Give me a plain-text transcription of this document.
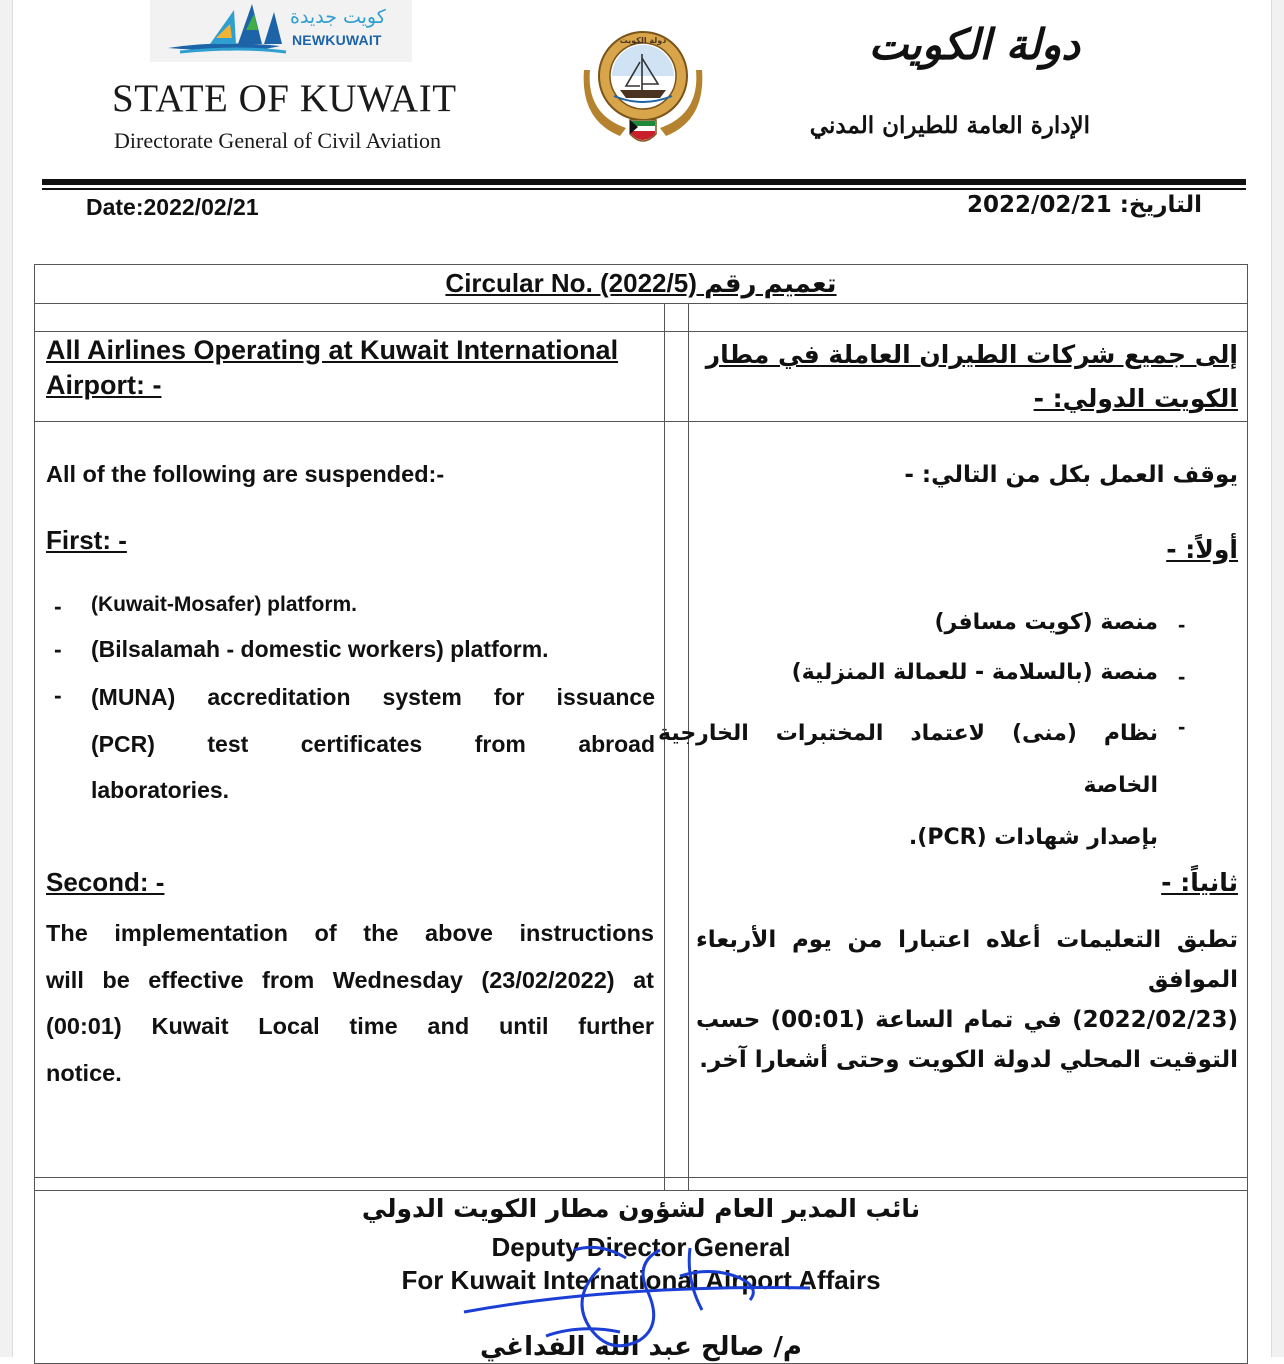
كويت جديدة
NEWKUWAIT
STATE OF KUWAIT
Directorate General of Civil Aviation
دولة الكويت	دولة الكويت
الإدارة العامة للطيران المدني
Date:2022/02/21	التاريخ: 2022/02/21
Circular No. (2022/5) تعميم رقم
All Airlines Operating at Kuwait International Airport: -
إلى جميع شركات الطيران العاملة في مطار الكويت الدولي: -
All of the following are suspended:-
First: -
- (Kuwait-Mosafer) platform.
- (Bilsalamah - domestic workers) platform.
- (MUNA) accreditation system for issuance
(PCR) test certificates from abroad
laboratories.
Second: -
The implementation of the above instructions
will be effective from Wednesday (23/02/2022) at
(00:01) Kuwait Local time and until further
notice.
يوقف العمل بكل من التالي: -
أولاً: -
-
منصة (كويت مسافر)
-
منصة (بالسلامة - للعمالة المنزلية)
-
نظام (منى) لاعتماد المختبرات الخارجية الخاصة
بإصدار شهادات (PCR).
ثانياً: -
تطبق التعليمات أعلاه اعتبارا من يوم الأربعاء الموافق
(2022/02/23) في تمام الساعة (00:01) حسب
التوقيت المحلي لدولة الكويت وحتى أشعارا آخر.
نائب المدير العام لشؤون مطار الكويت الدولي
Deputy Director General
For Kuwait International Airport Affairs
م/ صالح عبد الله الفداغي
